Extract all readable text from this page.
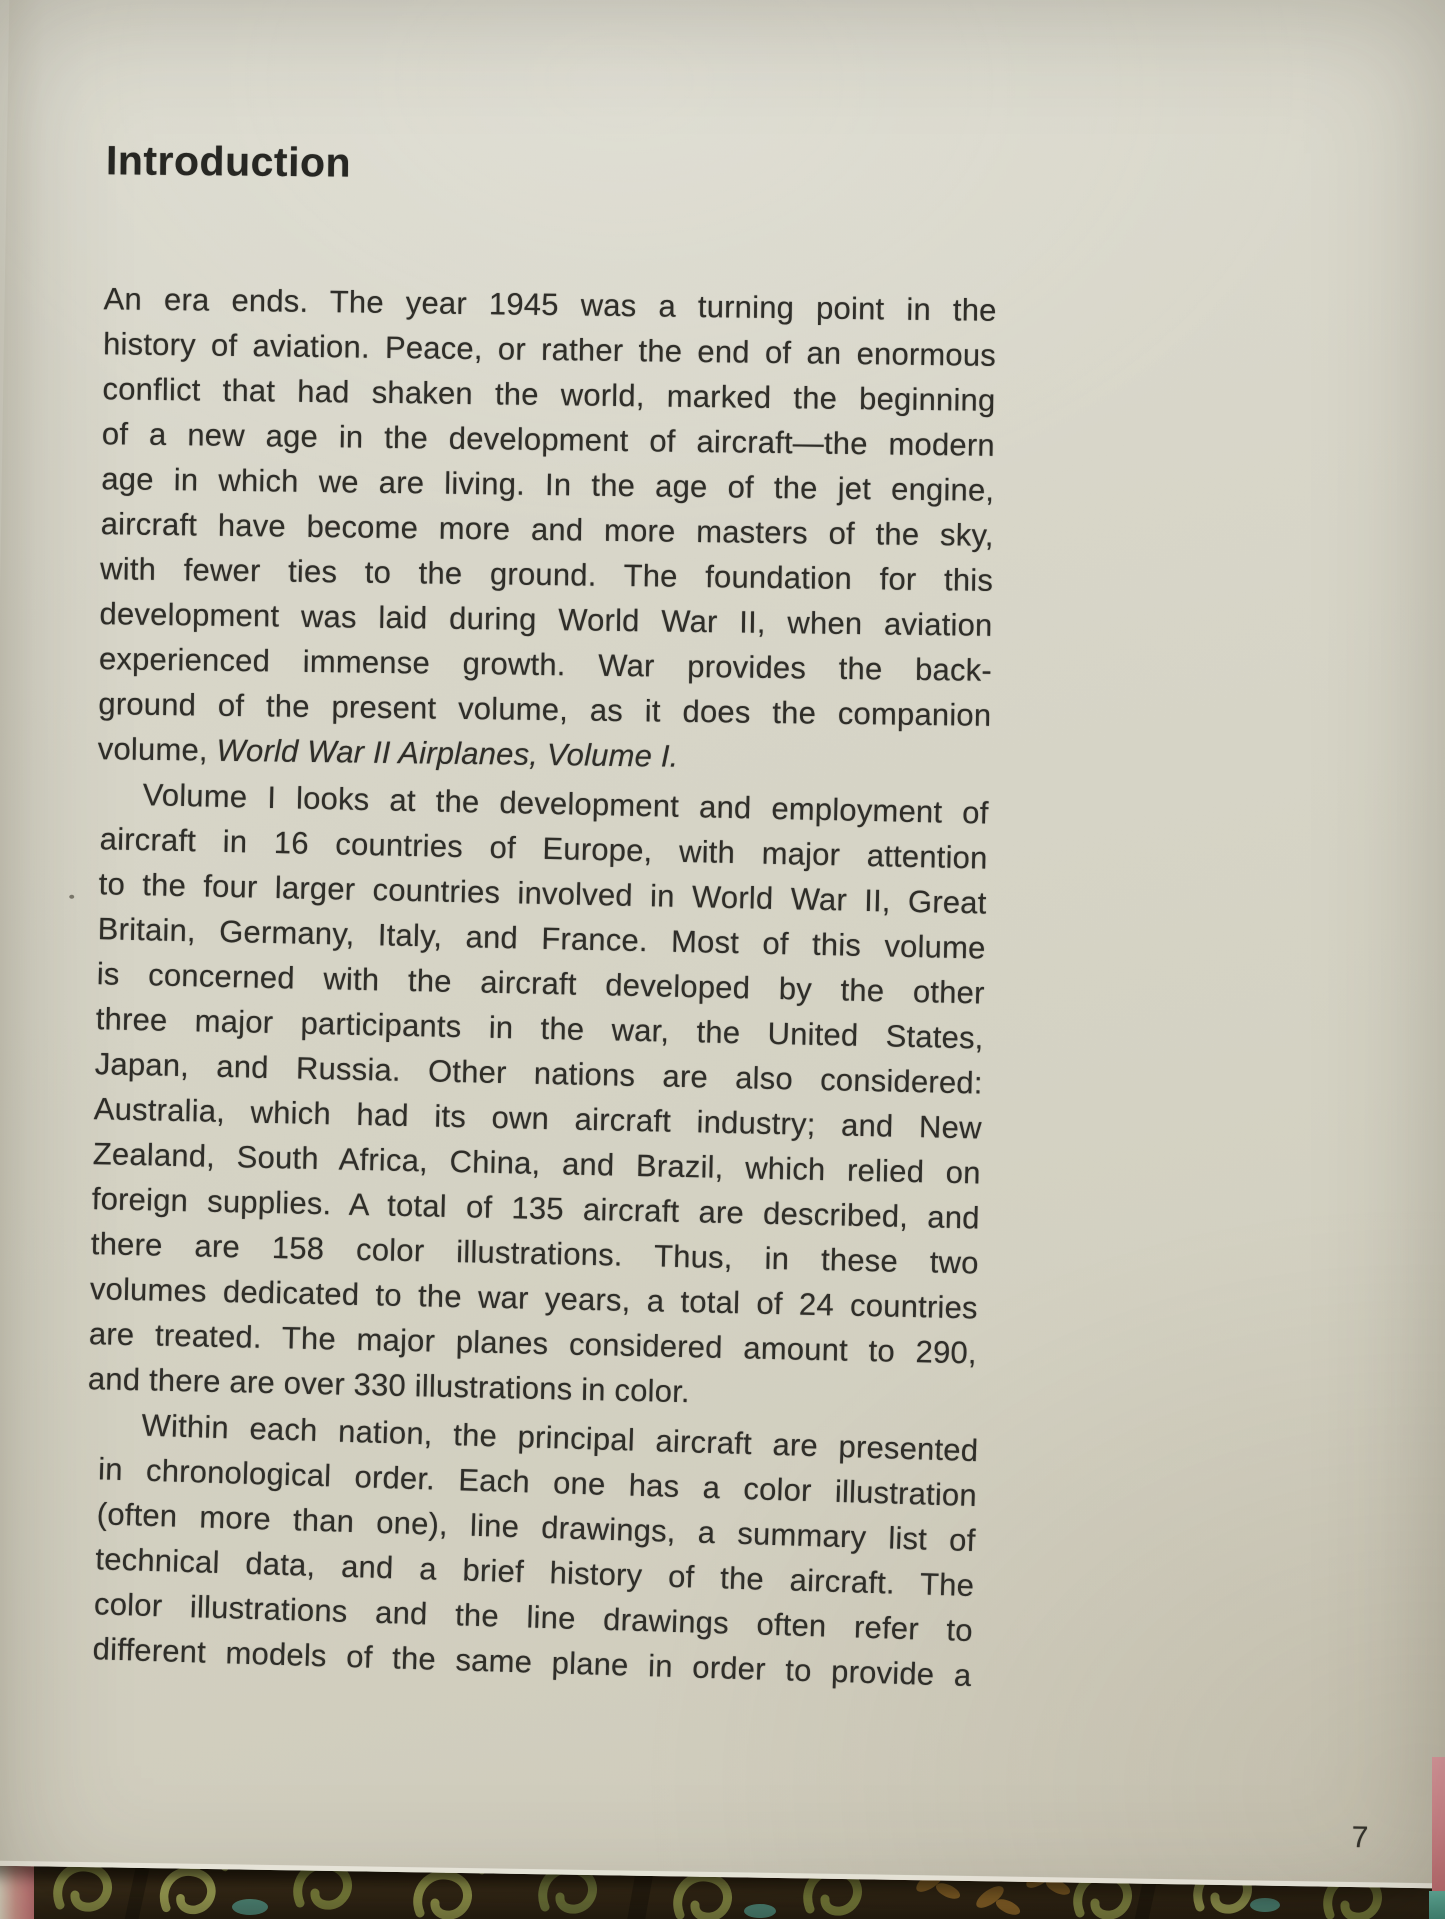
Introduction
An era ends. The year 1945 was a turning point in the
history of aviation. Peace, or rather the end of an enormous
conflict that had shaken the world, marked the beginning
of a new age in the development of aircraft—the modern
age in which we are living. In the age of the jet engine,
aircraft have become more and more masters of the sky,
with fewer ties to the ground. The foundation for this
development was laid during World War II, when aviation
experienced immense growth. War provides the back-
ground of the present volume, as it does the companion
volume, World War II Airplanes, Volume I.
Volume I looks at the development and employment of
aircraft in 16 countries of Europe, with major attention
to the four larger countries involved in World War II, Great
Britain, Germany, Italy, and France. Most of this volume
is concerned with the aircraft developed by the other
three major participants in the war, the United States,
Japan, and Russia. Other nations are also considered:
Australia, which had its own aircraft industry; and New
Zealand, South Africa, China, and Brazil, which relied on
foreign supplies. A total of 135 aircraft are described, and
there are 158 color illustrations. Thus, in these two
volumes dedicated to the war years, a total of 24 countries
are treated. The major planes considered amount to 290,
and there are over 330 illustrations in color.
Within each nation, the principal aircraft are presented
in chronological order. Each one has a color illustration
(often more than one), line drawings, a summary list of
technical data, and a brief history of the aircraft. The
color illustrations and the line drawings often refer to
different models of the same plane in order to provide a
7
